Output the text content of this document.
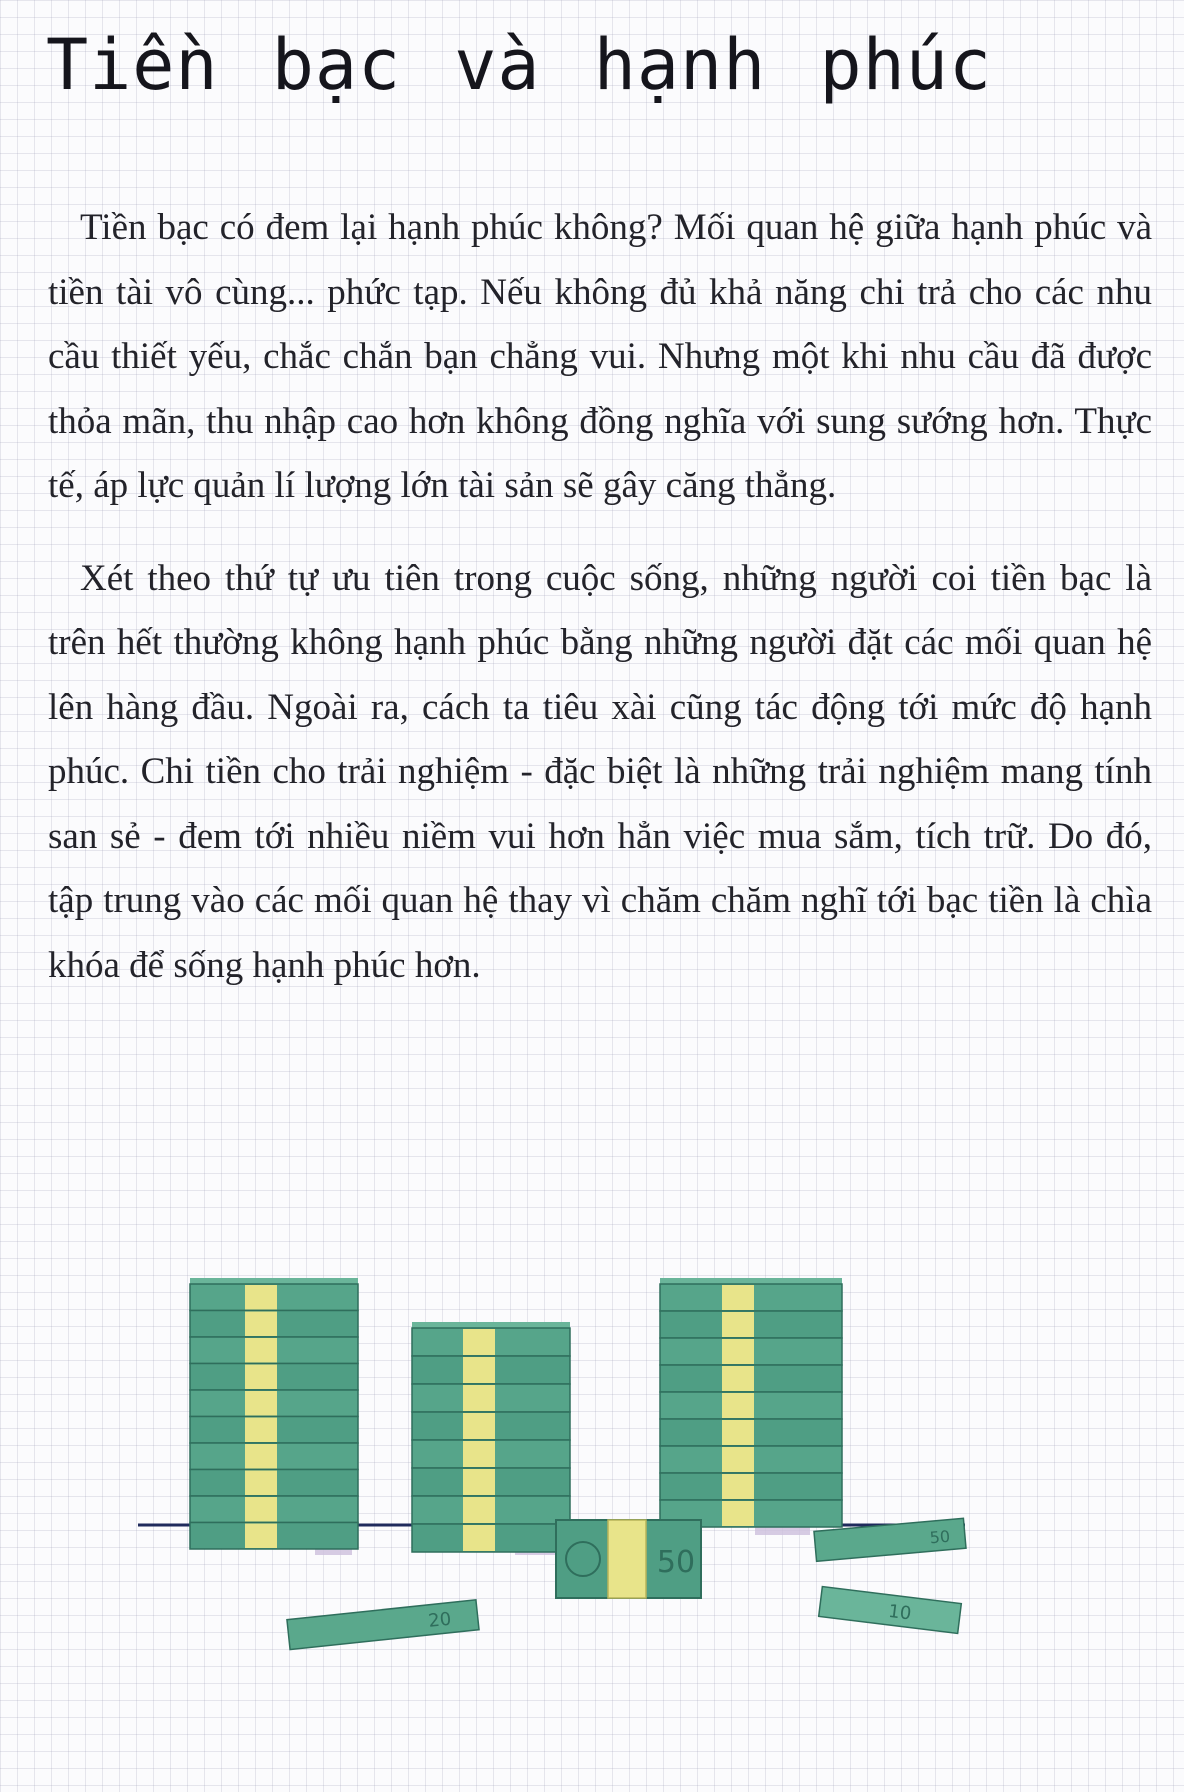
Tiền bạc và hạnh phúc

Tiền bạc có đem lại hạnh phúc không? Mối quan hệ giữa hạnh phúc và tiền tài vô cùng... phức tạp. Nếu không đủ khả năng chi trả cho các nhu cầu thiết yếu, chắc chắn bạn chẳng vui. Nhưng một khi nhu cầu đã được thỏa mãn, thu nhập cao hơn không đồng nghĩa với sung sướng hơn. Thực tế, áp lực quản lí lượng lớn tài sản sẽ gây căng thẳng.

Xét theo thứ tự ưu tiên trong cuộc sống, những người coi tiền bạc là trên hết thường không hạnh phúc bằng những người đặt các mối quan hệ lên hàng đầu. Ngoài ra, cách ta tiêu xài cũng tác động tới mức độ hạnh phúc. Chi tiền cho trải nghiệm - đặc biệt là những trải nghiệm mang tính san sẻ - đem tới nhiều niềm vui hơn hẳn việc mua sắm, tích trữ. Do đó, tập trung vào các mối quan hệ thay vì chăm chăm nghĩ tới bạc tiền là chìa khóa để sống hạnh phúc hơn.

50
50
10
20
